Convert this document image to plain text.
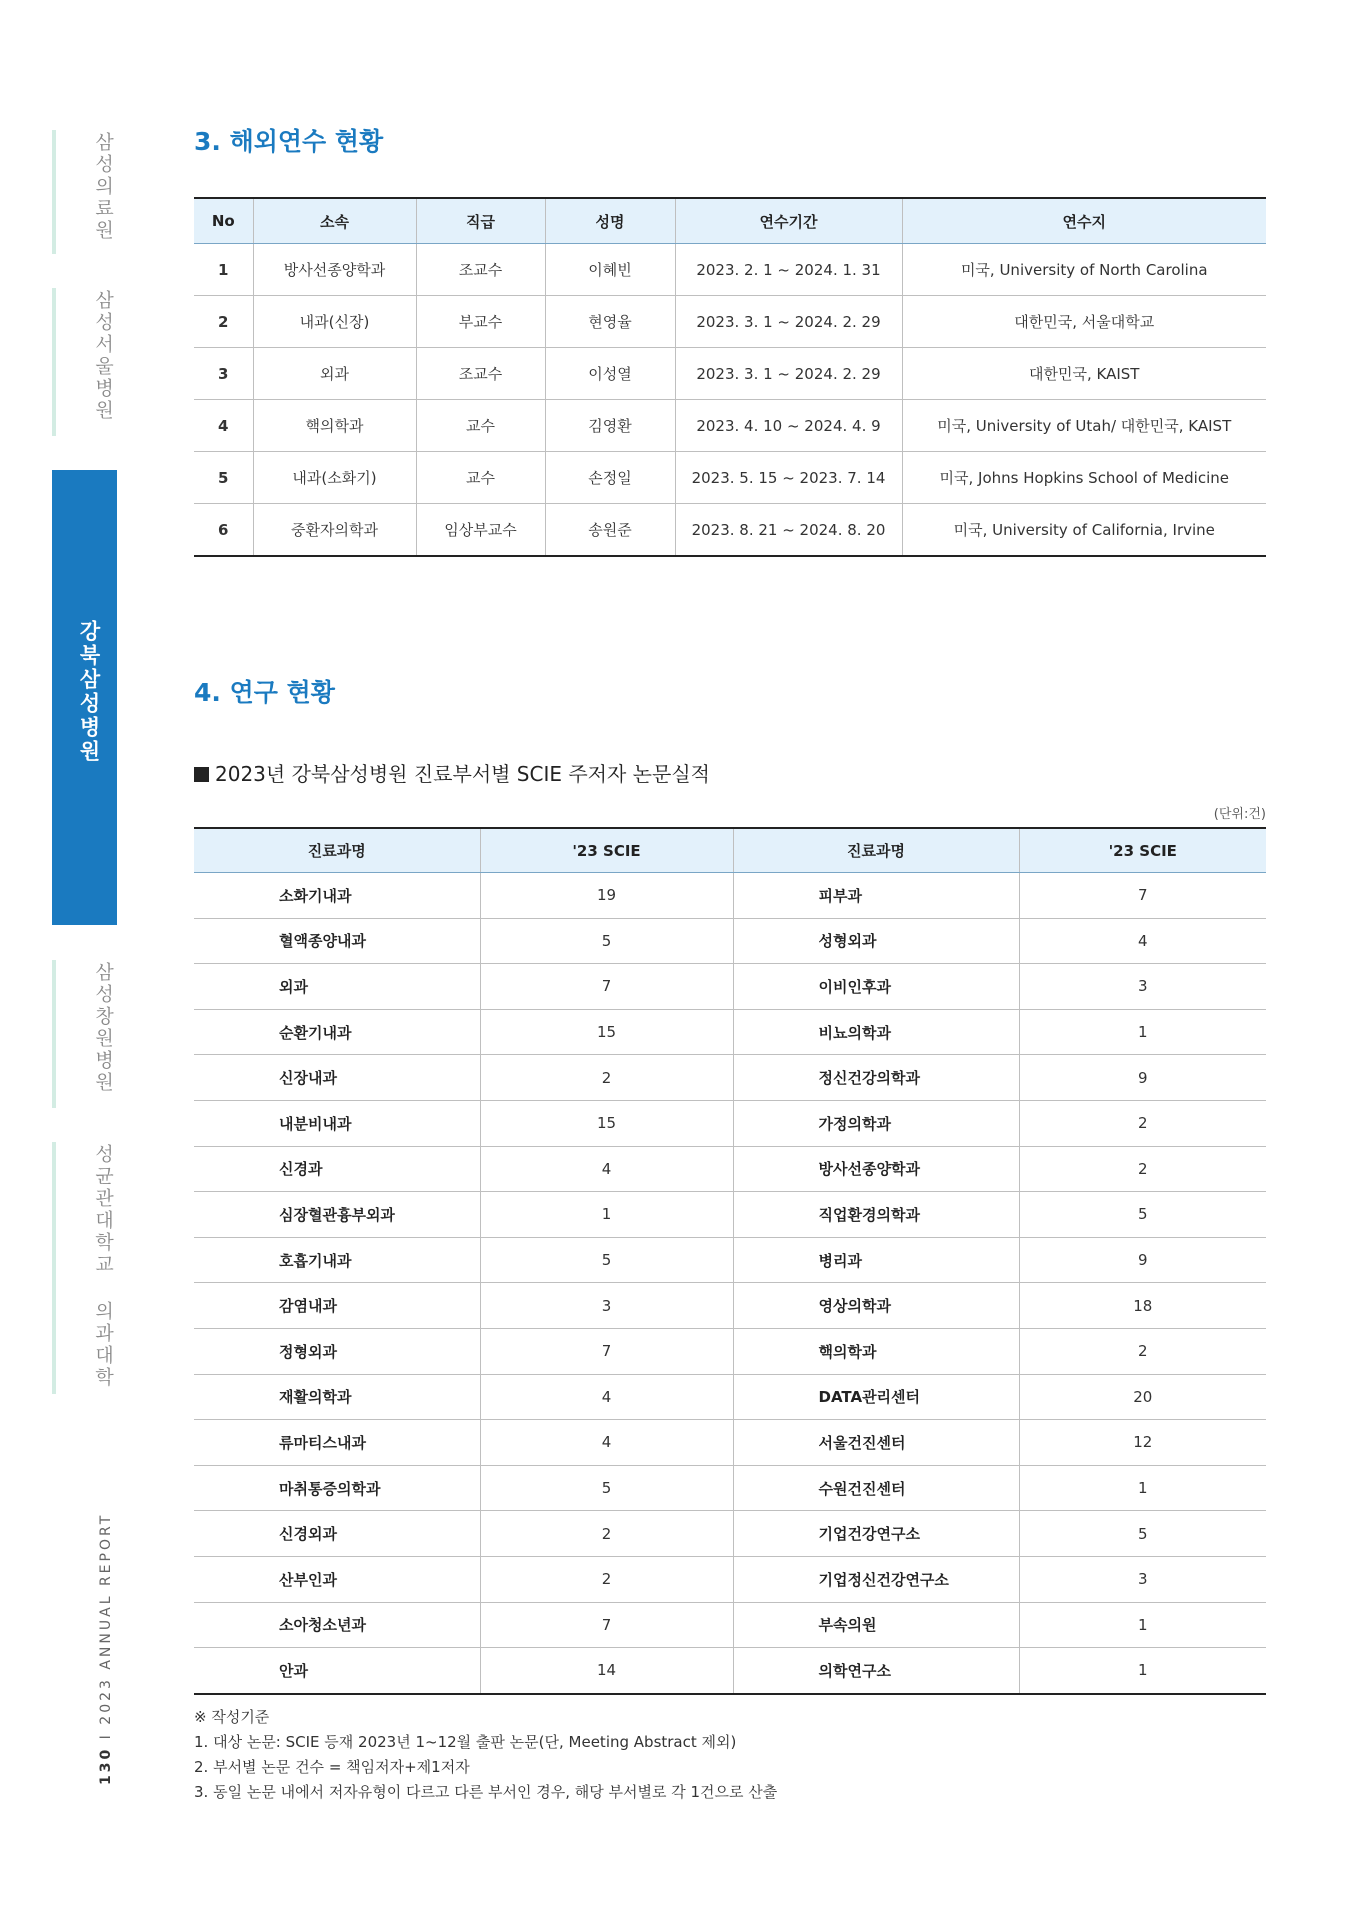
삼성의료원
삼성서울병원
강북삼성병원
삼성창원병원
성균관대학교 의과대학
130 I 2023 ANNUAL REPORT
3. 해외연수 현황
No	소속	직급	성명	연수기간	연수지
1	방사선종양학과	조교수	이혜빈	2023. 2. 1 ~ 2024. 1. 31	미국, University of North Carolina
2	내과(신장)	부교수	현영율	2023. 3. 1 ~ 2024. 2. 29	대한민국, 서울대학교
3	외과	조교수	이성열	2023. 3. 1 ~ 2024. 2. 29	대한민국, KAIST
4	핵의학과	교수	김영환	2023. 4. 10 ~ 2024. 4. 9	미국, University of Utah/ 대한민국, KAIST
5	내과(소화기)	교수	손정일	2023. 5. 15 ~ 2023. 7. 14	미국, Johns Hopkins School of Medicine
6	중환자의학과	임상부교수	송원준	2023. 8. 21 ~ 2024. 8. 20	미국, University of California, Irvine
4. 연구 현황

2023년 강북삼성병원 진료부서별 SCIE 주저자 논문실적

(단위:건)
진료과명	'23 SCIE	진료과명	'23 SCIE
소화기내과	19	피부과	7
혈액종양내과	5	성형외과	4
외과	7	이비인후과	3
순환기내과	15	비뇨의학과	1
신장내과	2	정신건강의학과	9
내분비내과	15	가정의학과	2
신경과	4	방사선종양학과	2
심장혈관흉부외과	1	직업환경의학과	5
호흡기내과	5	병리과	9
감염내과	3	영상의학과	18
정형외과	7	핵의학과	2
재활의학과	4	DATA관리센터	20
류마티스내과	4	서울건진센터	12
마취통증의학과	5	수원건진센터	1
신경외과	2	기업건강연구소	5
산부인과	2	기업정신건강연구소	3
소아청소년과	7	부속의원	1
안과	14	의학연구소	1
※ 작성기준
1. 대상 논문: SCIE 등재 2023년 1~12월 출판 논문(단, Meeting Abstract 제외)
2. 부서별 논문 건수 = 책임저자+제1저자
3. 동일 논문 내에서 저자유형이 다르고 다른 부서인 경우, 해당 부서별로 각 1건으로 산출
